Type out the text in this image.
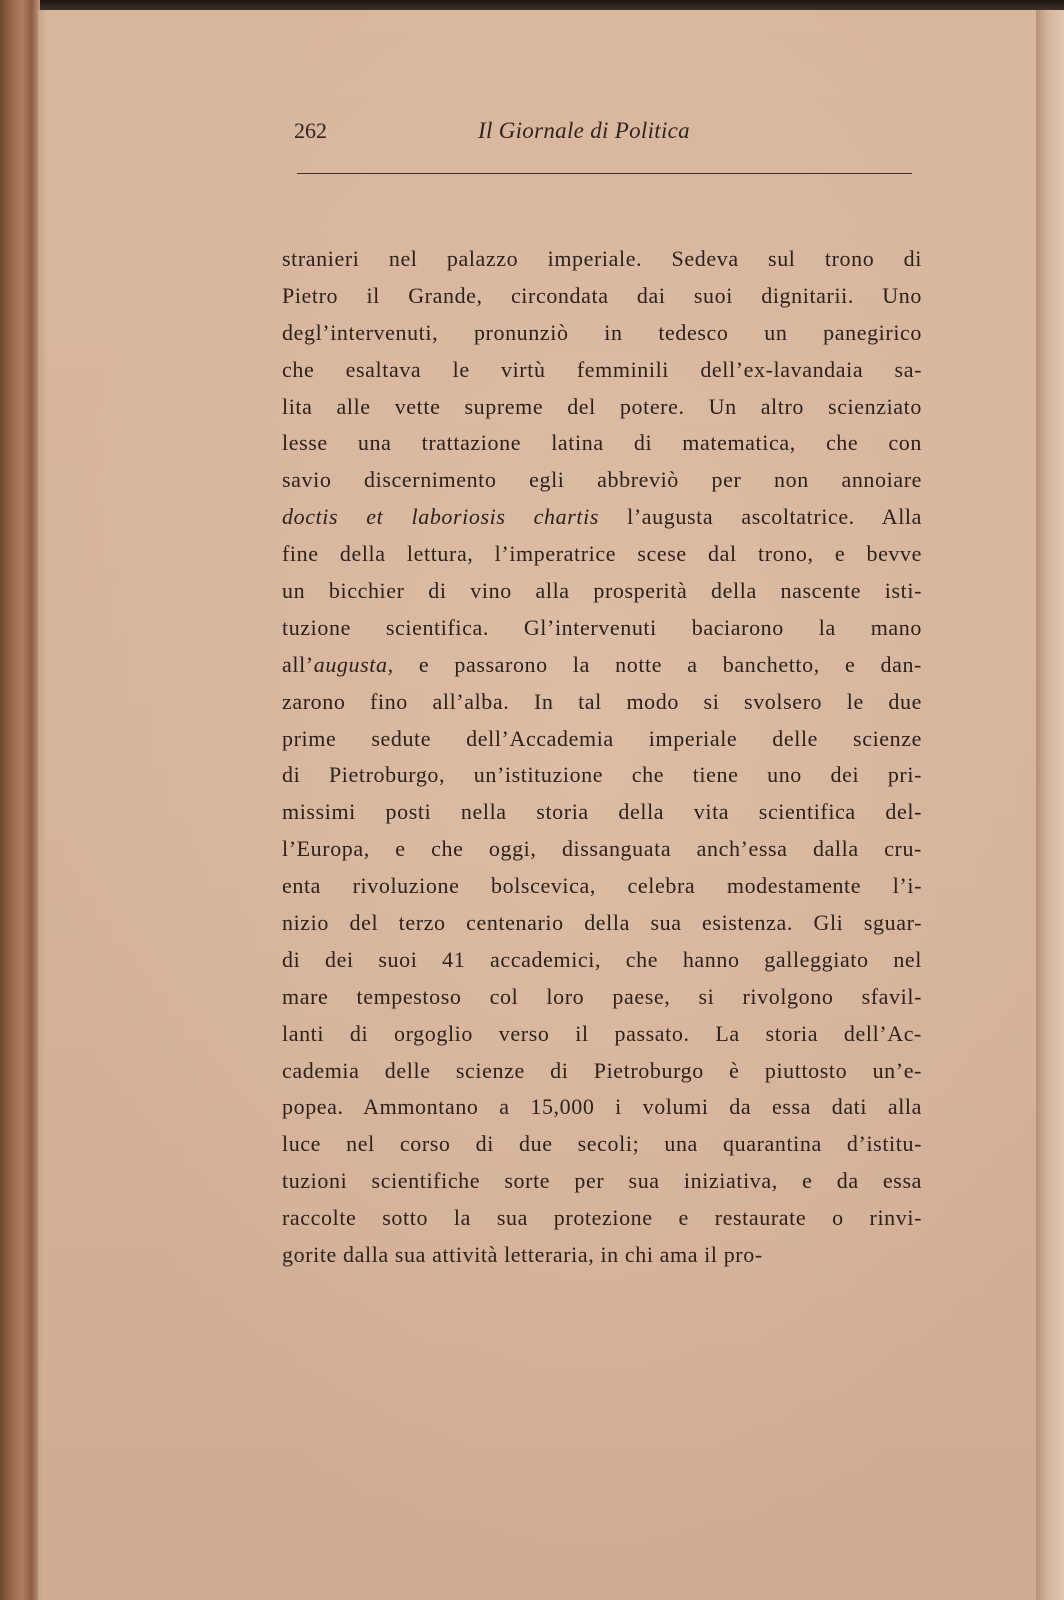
262	Il Giornale di Politica
stranieri nel palazzo imperiale. Sedeva sul trono di
Pietro il Grande, circondata dai suoi dignitarii. Uno
degl’intervenuti, pronunziò in tedesco un panegirico
che esaltava le virtù femminili dell’ex-lavandaia sa-
lita alle vette supreme del potere. Un altro scienziato
lesse una trattazione latina di matematica, che con
savio discernimento egli abbreviò per non annoiare
doctis et laboriosis chartis l’augusta ascoltatrice. Alla
fine della lettura, l’imperatrice scese dal trono, e bevve
un bicchier di vino alla prosperità della nascente isti-
tuzione scientifica. Gl’intervenuti baciarono la mano
all’augusta, e passarono la notte a banchetto, e dan-
zarono fino all’alba. In tal modo si svolsero le due
prime sedute dell’Accademia imperiale delle scienze
di Pietroburgo, un’istituzione che tiene uno dei pri-
missimi posti nella storia della vita scientifica del-
l’Europa, e che oggi, dissanguata anch’essa dalla cru-
enta rivoluzione bolscevica, celebra modestamente l’i-
nizio del terzo centenario della sua esistenza. Gli sguar-
di dei suoi 41 accademici, che hanno galleggiato nel
mare tempestoso col loro paese, si rivolgono sfavil-
lanti di orgoglio verso il passato. La storia dell’Ac-
cademia delle scienze di Pietroburgo è piuttosto un’e-
popea. Ammontano a 15,000 i volumi da essa dati alla
luce nel corso di due secoli; una quarantina d’istitu-
tuzioni scientifiche sorte per sua iniziativa, e da essa
raccolte sotto la sua protezione e restaurate o rinvi-
gorite dalla sua attività letteraria, in chi ama il pro-
